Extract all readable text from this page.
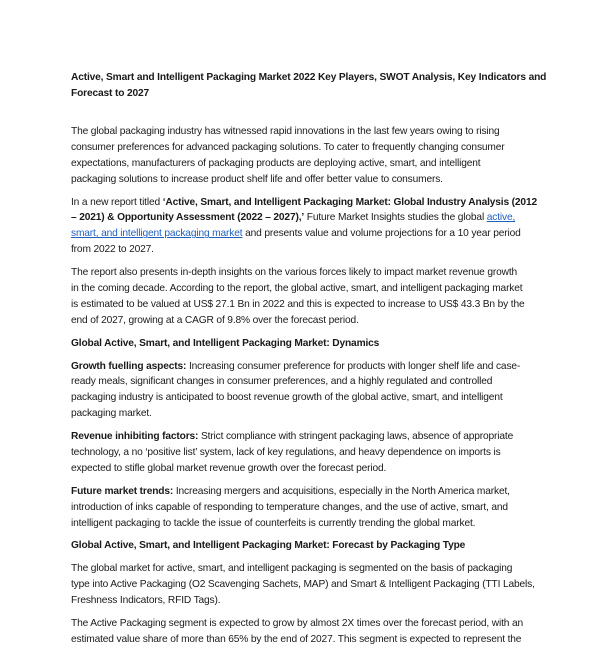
Active, Smart and Intelligent Packaging Market 2022 Key Players, SWOT Analysis, Key Indicators and
Forecast to 2027
The global packaging industry has witnessed rapid innovations in the last few years owing to rising
consumer preferences for advanced packaging solutions. To cater to frequently changing consumer
expectations, manufacturers of packaging products are deploying active, smart, and intelligent
packaging solutions to increase product shelf life and offer better value to consumers.
In a new report titled ‘Active, Smart, and Intelligent Packaging Market: Global Industry Analysis (2012
– 2021) & Opportunity Assessment (2022 – 2027),’ Future Market Insights studies the global active,
smart, and intelligent packaging market and presents value and volume projections for a 10 year period
from 2022 to 2027.
The report also presents in-depth insights on the various forces likely to impact market revenue growth
in the coming decade. According to the report, the global active, smart, and intelligent packaging market
is estimated to be valued at US$ 27.1 Bn in 2022 and this is expected to increase to US$ 43.3 Bn by the
end of 2027, growing at a CAGR of 9.8% over the forecast period.
Global Active, Smart, and Intelligent Packaging Market: Dynamics
Growth fuelling aspects: Increasing consumer preference for products with longer shelf life and case-
ready meals, significant changes in consumer preferences, and a highly regulated and controlled
packaging industry is anticipated to boost revenue growth of the global active, smart, and intelligent
packaging market.
Revenue inhibiting factors: Strict compliance with stringent packaging laws, absence of appropriate
technology, a no ‘positive list’ system, lack of key regulations, and heavy dependence on imports is
expected to stifle global market revenue growth over the forecast period.
Future market trends: Increasing mergers and acquisitions, especially in the North America market,
introduction of inks capable of responding to temperature changes, and the use of active, smart, and
intelligent packaging to tackle the issue of counterfeits is currently trending the global market.
Global Active, Smart, and Intelligent Packaging Market: Forecast by Packaging Type
The global market for active, smart, and intelligent packaging is segmented on the basis of packaging
type into Active Packaging (O2 Scavenging Sachets, MAP) and Smart & Intelligent Packaging (TTI Labels,
Freshness Indicators, RFID Tags).
The Active Packaging segment is expected to grow by almost 2X times over the forecast period, with an
estimated value share of more than 65% by the end of 2027. This segment is expected to represent the
